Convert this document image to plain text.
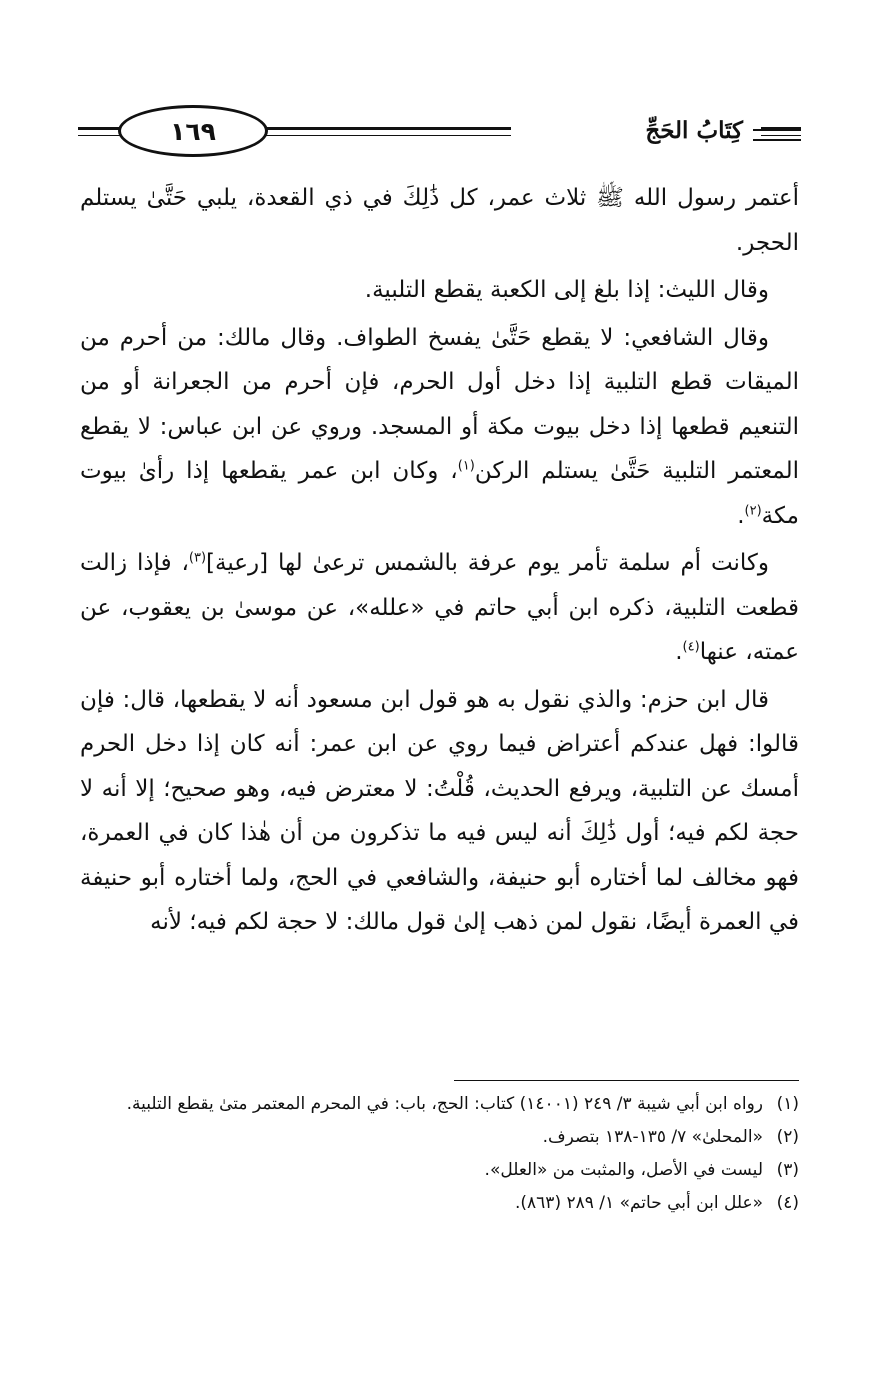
كِتَابُ الحَجِّ
١٦٩

أعتمر رسول الله ﷺ ثلاث عمر، كل ذَٰلِكَ في ذي القعدة، يلبي حَتَّىٰ يستلم الحجر.

وقال الليث: إذا بلغ إلى الكعبة يقطع التلبية.

وقال الشافعي: لا يقطع حَتَّىٰ يفسخ الطواف. وقال مالك: من أحرم من الميقات قطع التلبية إذا دخل أول الحرم، فإن أحرم من الجعرانة أو من التنعيم قطعها إذا دخل بيوت مكة أو المسجد. وروي عن ابن عباس: لا يقطع المعتمر التلبية حَتَّىٰ يستلم الركن$^{(١)}$، وكان ابن عمر يقطعها إذا رأىٰ بيوت مكة$^{(٢)}$.

وكانت أم سلمة تأمر يوم عرفة بالشمس ترعىٰ لها [رعية]$^{(٣)}$، فإذا زالت قطعت التلبية، ذكره ابن أبي حاتم في «علله»، عن موسىٰ بن يعقوب، عن عمته، عنها$^{(٤)}$.

قال ابن حزم: والذي نقول به هو قول ابن مسعود أنه لا يقطعها، قال: فإن قالوا: فهل عندكم أعتراض فيما روي عن ابن عمر: أنه كان إذا دخل الحرم أمسك عن التلبية، ويرفع الحديث، قُلْتُ: لا معترض فيه، وهو صحيح؛ إلا أنه لا حجة لكم فيه؛ أول ذَٰلِكَ أنه ليس فيه ما تذكرون من أن هٰذا كان في العمرة، فهو مخالف لما أختاره أبو حنيفة، والشافعي في الحج، ولما أختاره أبو حنيفة في العمرة أيضًا، نقول لمن ذهب إلىٰ قول مالك: لا حجة لكم فيه؛ لأنه

(١)
رواه ابن أبي شيبة ٣/ ٢٤٩ (١٤٠٠١) كتاب: الحج، باب: في المحرم المعتمر متىٰ يقطع التلبية.
(٢)
«المحلىٰ» ٧/ ١٣٥-١٣٨ بتصرف.
(٣)
ليست في الأصل، والمثبت من «العلل».
(٤)
«علل ابن أبي حاتم» ١/ ٢٨٩ (٨٦٣).
